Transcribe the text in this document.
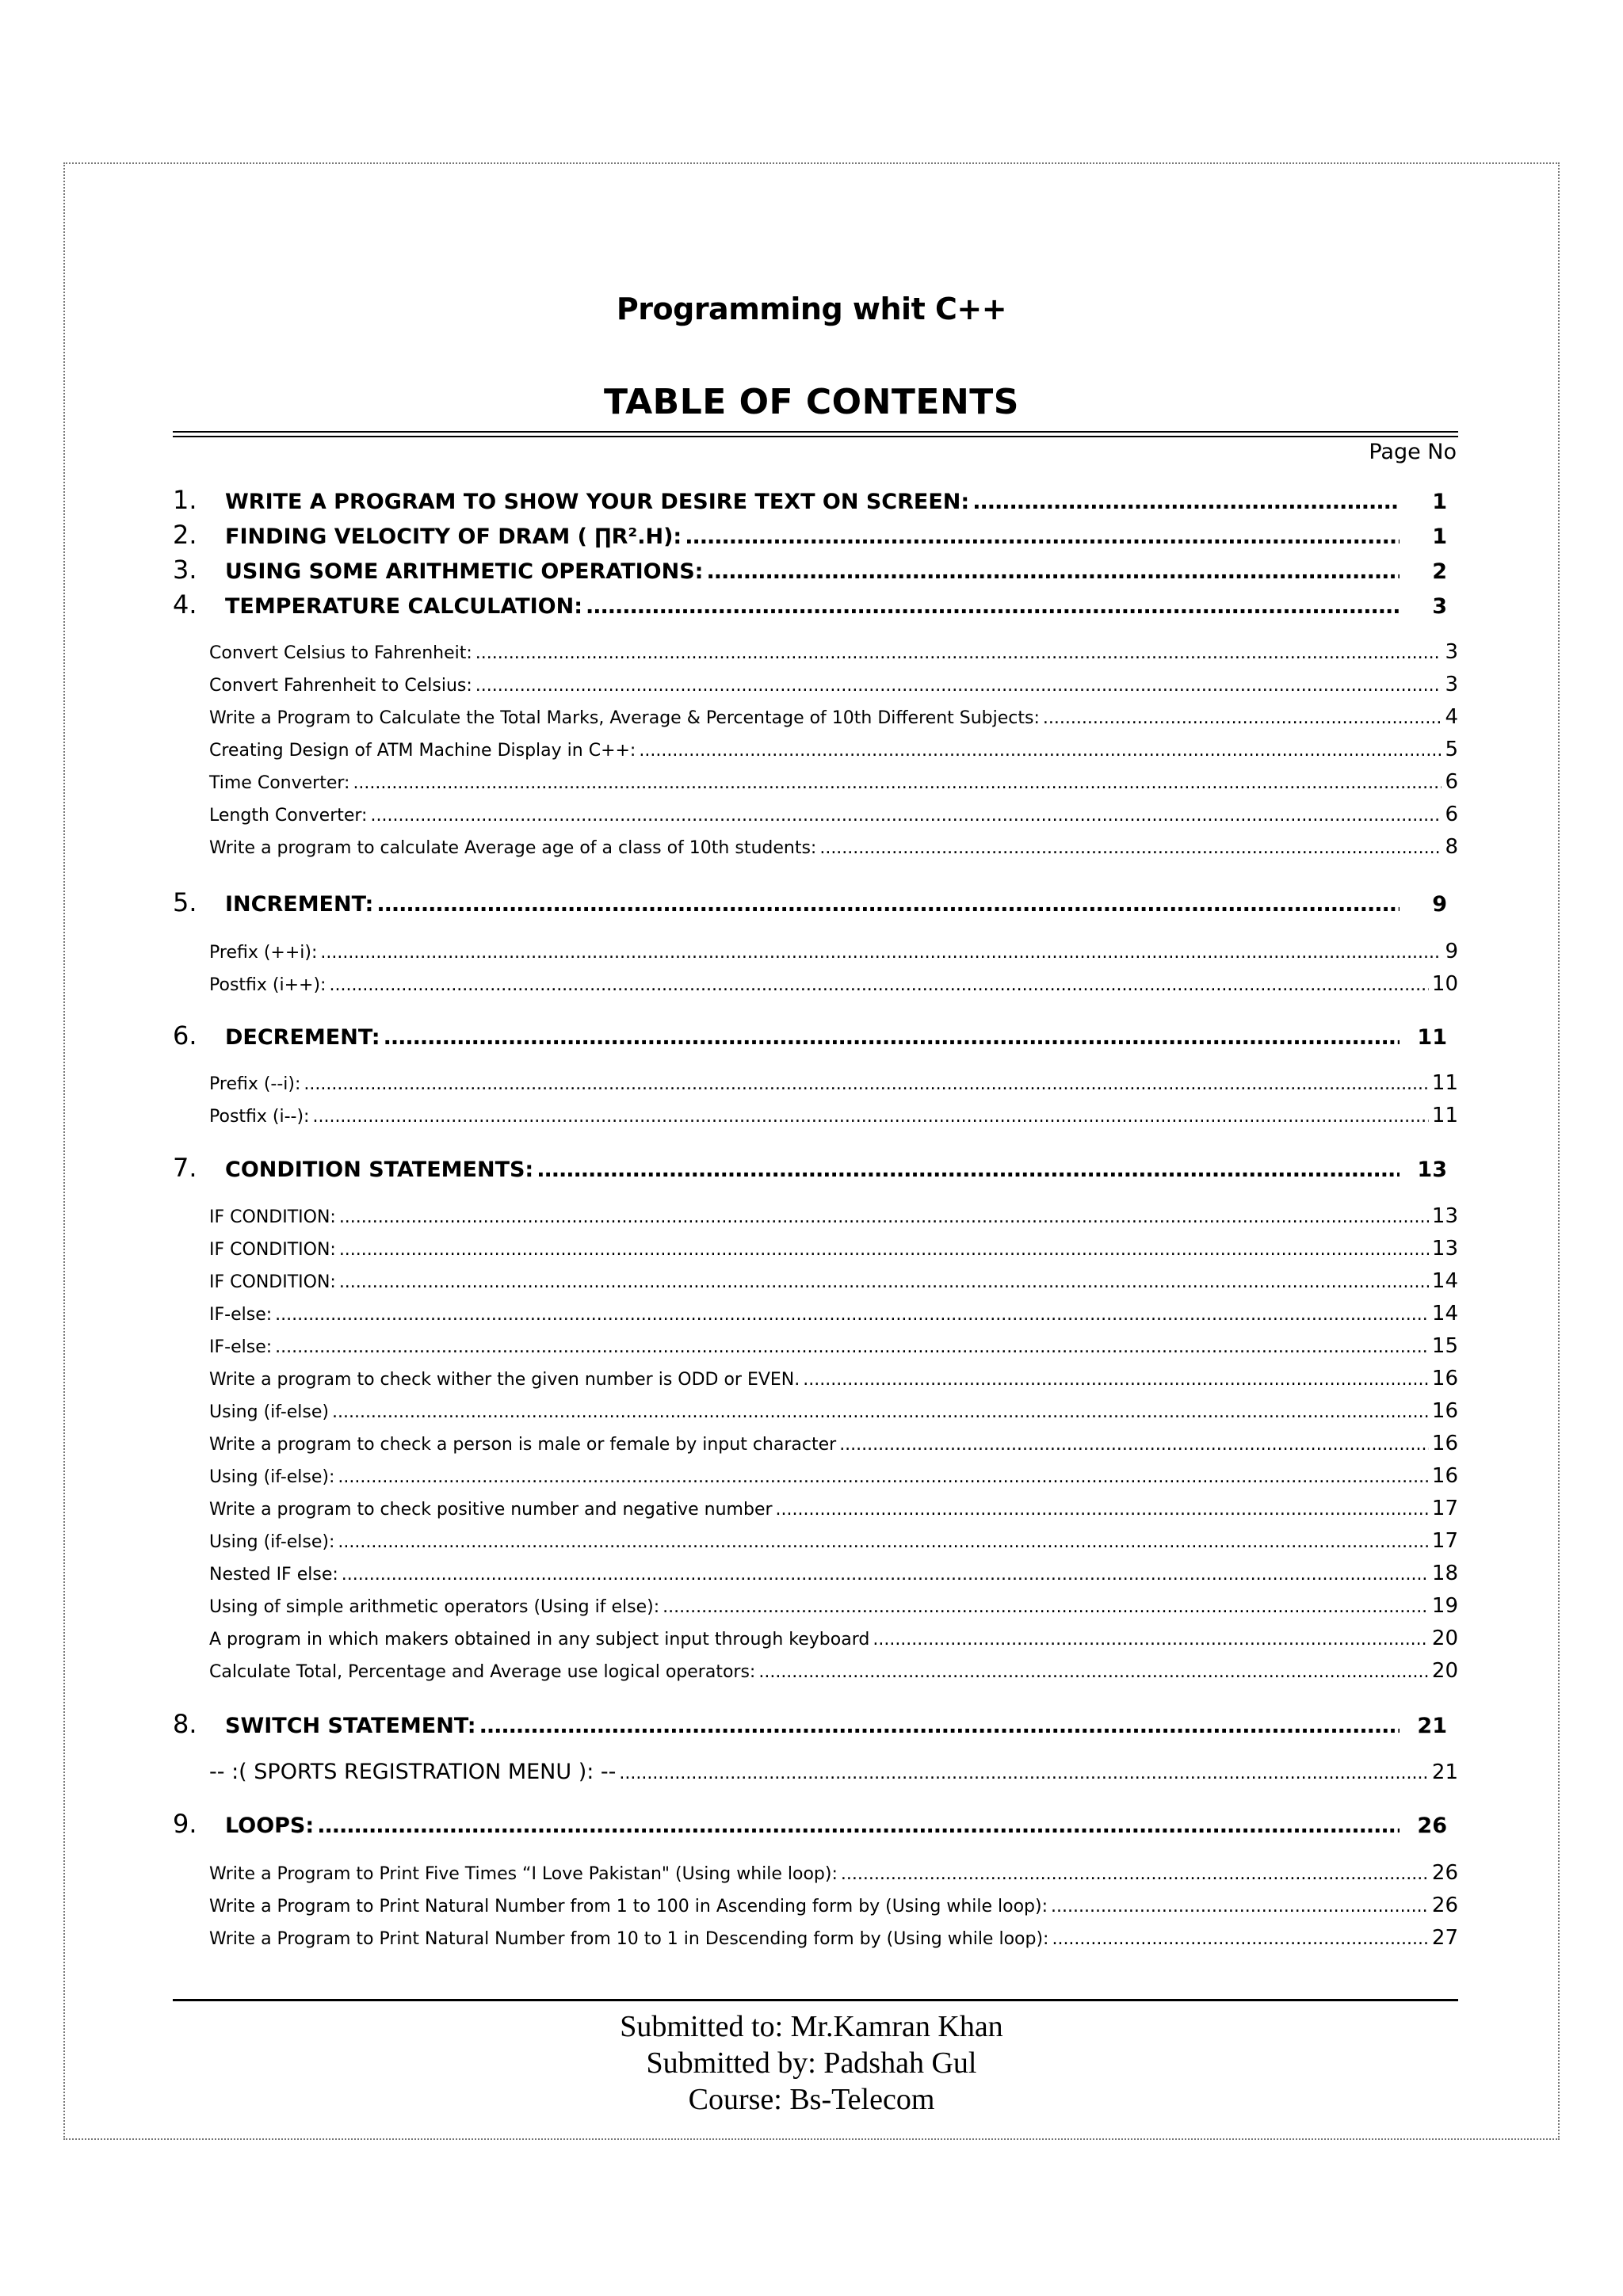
Programming whit C++
TABLE OF CONTENTS
Page No
1.	WRITE A PROGRAM TO SHOW YOUR DESIRE TEXT ON SCREEN: .....	1
2.	FINDING VELOCITY OF DRAM ( ∏R².H): .....	1
3.	USING SOME ARITHMETIC OPERATIONS: .....	2
4.	TEMPERATURE CALCULATION: .....	3
Convert Celsius to Fahrenheit: .....	3
Convert Fahrenheit to Celsius: .....	3
Write a Program to Calculate the Total Marks, Average & Percentage of 10th Different Subjects: .....	4
Creating Design of ATM Machine Display in C++: .....	5
Time Converter: .....	6
Length Converter: .....	6
Write a program to calculate Average age of a class of 10th students: .....	8
5.	INCREMENT: .....	9
Prefix (++i): .....	9
Postfix (i++): .....	10
6.	DECREMENT: .....	11
Prefix (--i): .....	11
Postfix (i--): .....	11
7.	CONDITION STATEMENTS: .....	13
IF CONDITION: .....	13
IF CONDITION: .....	13
IF CONDITION: .....	14
IF-else: .....	14
IF-else: .....	15
Write a program to check wither the given number is ODD or EVEN. .....	16
Using (if-else) .....	16
Write a program to check a person is male or female by input character .....	16
Using (if-else): .....	16
Write a program to check positive number and negative number .....	17
Using (if-else): .....	17
Nested IF else: .....	18
Using of simple arithmetic operators (Using if else): .....	19
A program in which makers obtained in any subject input through keyboard .....	20
Calculate Total, Percentage and Average use logical operators: .....	20
8.	SWITCH STATEMENT: .....	21
-- :( SPORTS REGISTRATION MENU ): -- .....	21
9.	LOOPS: .....	26
Write a Program to Print Five Times “I Love Pakistan" (Using while loop): .....	26
Write a Program to Print Natural Number from 1 to 100 in Ascending form by (Using while loop): .....	26
Write a Program to Print Natural Number from 10 to 1 in Descending form by (Using while loop): .....	27
Submitted to: Mr.Kamran Khan
Submitted by: Padshah Gul
Course: Bs-Telecom
